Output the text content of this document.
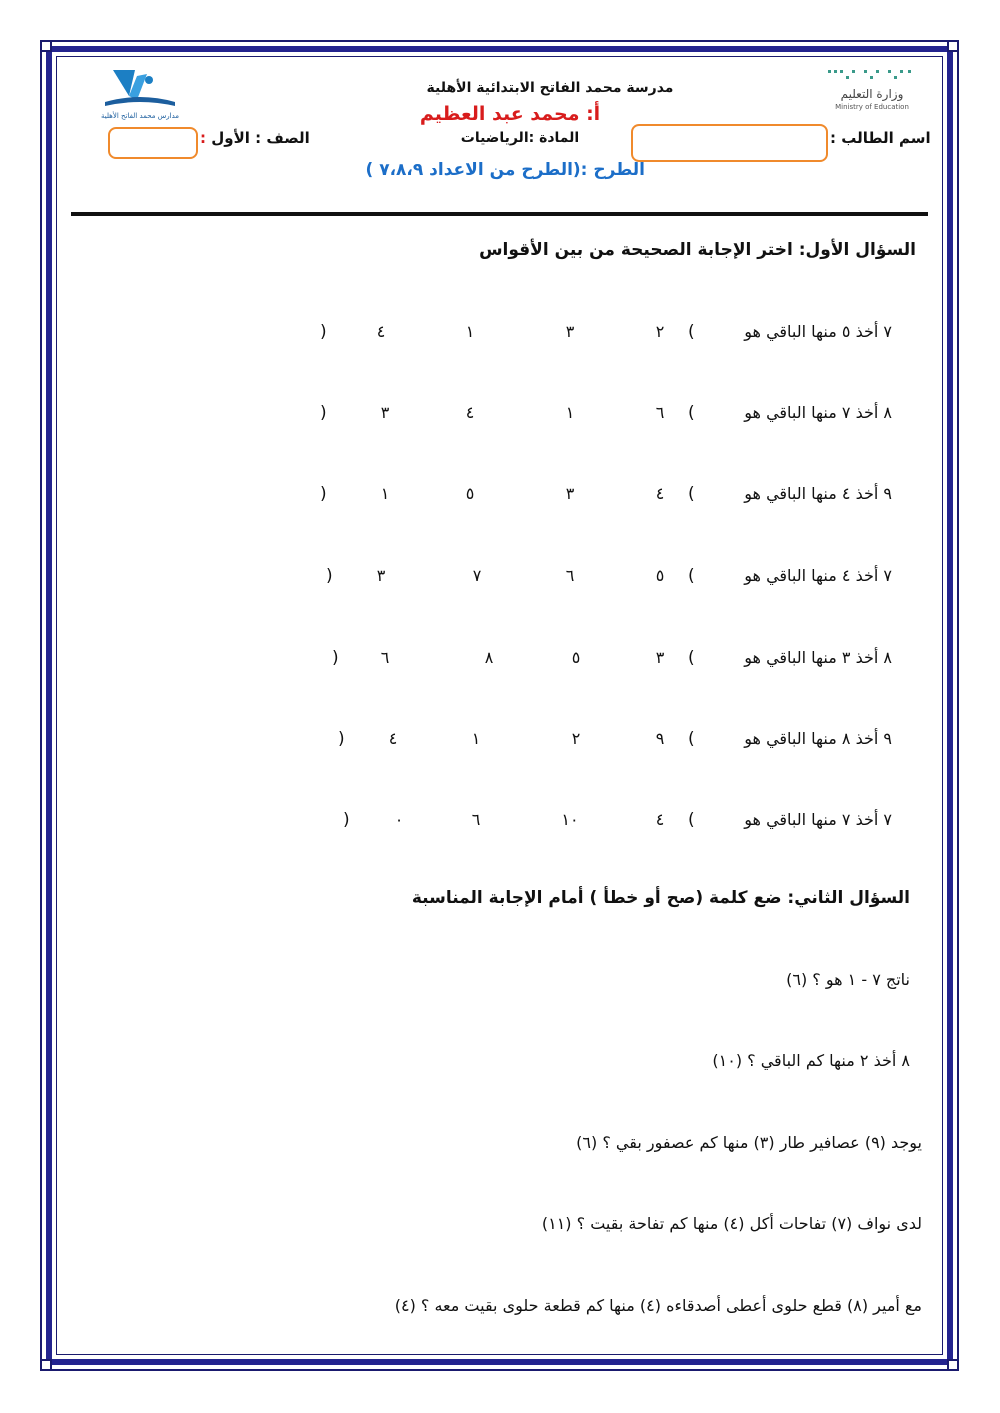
مدارس محمد الفاتح الأهلية
وزارة التعليم
Ministry of Education
مدرسة محمد الفاتح الابتدائية الأهلية
أ: محمد عبد العظيم
المادة :الرياضيات
الصف : الأول :	اسم الطالب :
الطرح :(الطرح من الاعداد ٧،٨،٩ )
السؤال الأول: اختر الإجابة الصحيحة من بين الأقواس
٧ أخذ ٥ منها الباقي هو
(
٢
٣
١
٤
)
٨ أخذ ٧ منها الباقي هو
(
٦
١
٤
٣
)
٩ أخذ ٤ منها الباقي هو
(
٤
٣
٥
١
)
٧ أخذ ٤ منها الباقي هو
(
٥
٦
٧
٣
)
٨ أخذ ٣ منها الباقي هو
(
٣
٥
٨
٦
)
٩ أخذ ٨ منها الباقي هو
(
٩
٢
١
٤
)
٧ أخذ ٧ منها الباقي هو
(
٤
١٠
٦
٠
)
السؤال الثاني: ضع كلمة (صح أو خطأ ) أمام الإجابة المناسبة
ناتج ٧ - ١ هو ؟ (٦)
٨ أخذ ٢ منها كم الباقي ؟ (١٠)
يوجد (٩) عصافير طار (٣) منها كم عصفور بقي ؟ (٦)
لدى نواف (٧) تفاحات أكل (٤) منها كم تفاحة بقيت ؟ (١١)
مع أمير (٨) قطع حلوى أعطى أصدقاءه (٤) منها كم قطعة حلوى بقيت معه ؟ (٤)
